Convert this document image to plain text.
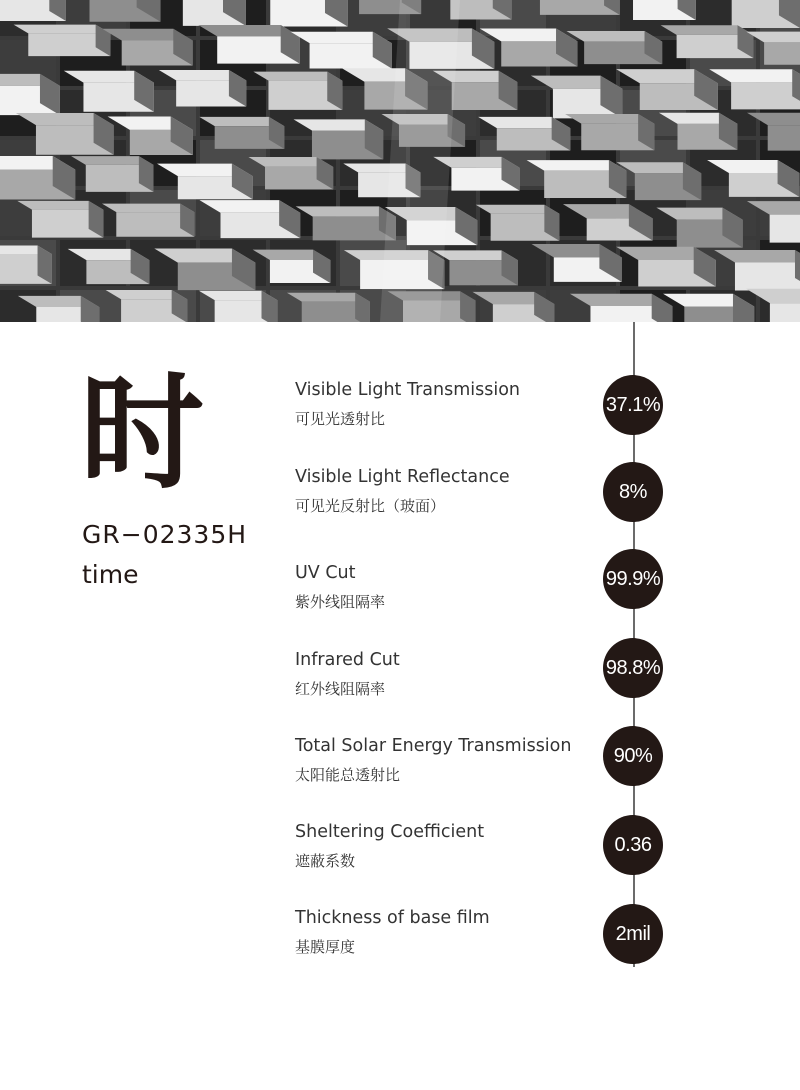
时
GR−02335H
time
Visible Light Transmission
可见光透射比
37.1%
Visible Light Reflectance
可见光反射比（玻面）
8%
UV Cut
紫外线阻隔率
99.9%
Infrared Cut
红外线阻隔率
98.8%
Total Solar Energy Transmission
太阳能总透射比
90%
Sheltering Coefficient
遮蔽系数
0.36
Thickness of base film
基膜厚度
2mil
